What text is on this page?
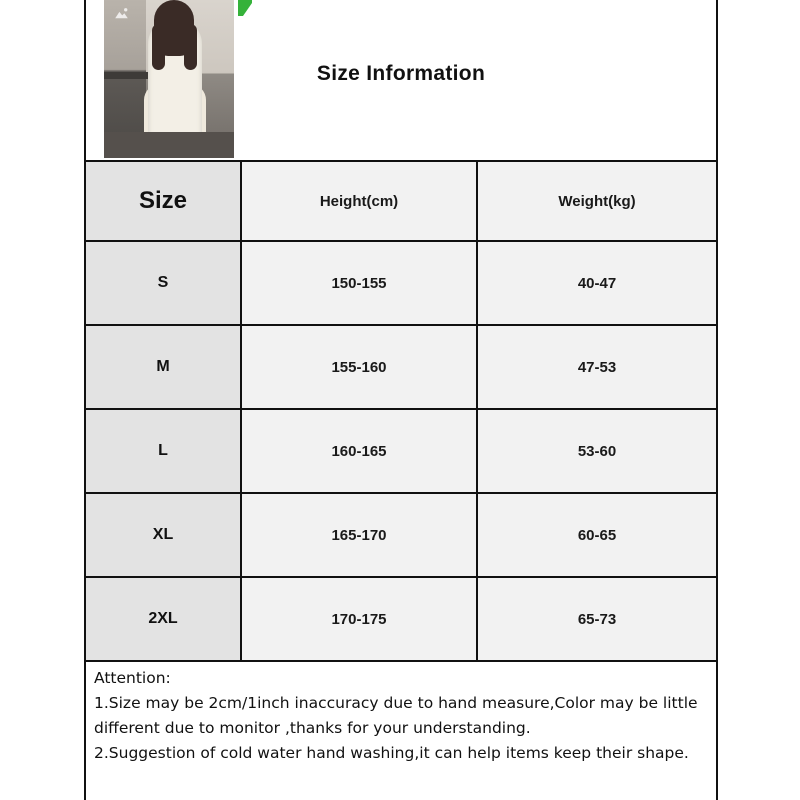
Size Information
Size	Height(cm)	Weight(kg)
S	150-155	40-47
M	155-160	47-53
L	160-165	53-60
XL	165-170	60-65
2XL	170-175	65-73

Attention:

1.Size may be 2cm/1inch inaccuracy due to hand measure,Color may be little

different due to monitor ,thanks for your understanding.

2.Suggestion of cold water hand washing,it can help items keep their shape.
